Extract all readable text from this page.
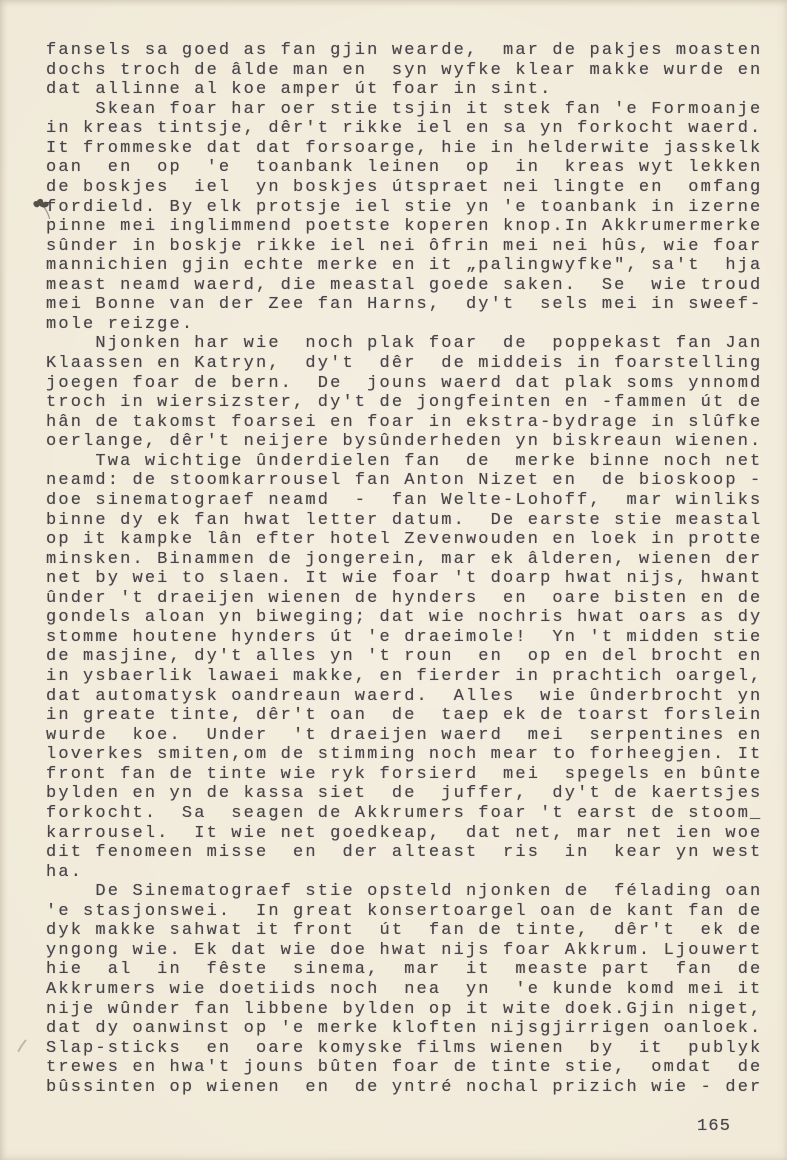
fansels sa goed as fan gjin wearde,  mar de pakjes moasten
dochs troch de âlde man en  syn wyfke klear makke wurde en
dat allinne al koe amper út foar in sint.
Skean foar har oer stie tsjin it stek fan 'e Formoanje
in kreas tintsje, dêr't rikke iel en sa yn forkocht waerd.
It frommeske dat dat forsoarge, hie in helderwite jasskelk
oan  en  op  'e  toanbank leinen  op  in  kreas wyt lekken
de boskjes  iel  yn boskjes útspraet nei lingte en  omfang
fordield. By elk protsje iel stie yn 'e toanbank in izerne
pinne mei inglimmend poetste koperen knop.In Akkrumermerke
sûnder in boskje rikke iel nei ôfrin mei nei hûs, wie foar
mannichien gjin echte merke en it „palingwyfke", sa't  hja
meast neamd waerd, die meastal goede saken.  Se  wie troud
mei Bonne van der Zee fan Harns,  dy't  sels mei in sweef-
mole reizge.
Njonken har wie  noch plak foar  de  poppekast fan Jan
Klaassen en Katryn,  dy't  dêr  de middeis in foarstelling
joegen foar de bern.  De  jouns waerd dat plak soms ynnomd
troch in wiersizster, dy't de jongfeinten en -fammen út de
hân de takomst foarsei en foar in ekstra-bydrage in slûfke
oerlange, dêr't neijere bysûnderheden yn biskreaun wienen.
Twa wichtige ûnderdielen fan  de  merke binne noch net
neamd: de stoomkarrousel fan Anton Nizet en  de bioskoop -
doe sinematograef neamd  -  fan Welte-Lohoff,  mar winliks
binne dy ek fan hwat letter datum.  De earste stie meastal
op it kampke lân efter hotel Zevenwouden en loek in protte
minsken. Binammen de jongerein, mar ek âlderen, wienen der
net by wei to slaen. It wie foar 't doarp hwat nijs, hwant
ûnder 't draeijen wienen de hynders  en  oare bisten en de
gondels aloan yn biweging; dat wie nochris hwat oars as dy
stomme houtene hynders út 'e draeimole!  Yn 't midden stie
de masjine, dy't alles yn 't roun  en  op en del brocht en
in ysbaerlik lawaei makke, en fierder in prachtich oargel,
dat automatysk oandreaun waerd.  Alles  wie ûnderbrocht yn
in greate tinte, dêr't oan  de  taep ek de toarst forslein
wurde  koe.  Under  't draeijen waerd  mei  serpentines en
loverkes smiten,om de stimming noch mear to forheegjen. It
front fan de tinte wie ryk forsierd  mei  spegels en bûnte
bylden en yn de kassa siet  de  juffer,  dy't de kaertsjes
forkocht.  Sa  seagen de Akkrumers foar 't earst de stoom_
karrousel.  It wie net goedkeap,  dat net, mar net ien woe
dit fenomeen misse  en  der alteast  ris  in  kear yn west
ha.
De Sinematograef stie opsteld njonken de  félading oan
'e stasjonswei.  In great konsertoargel oan de kant fan de
dyk makke sahwat it front  út  fan de tinte,  dêr't  ek de
yngong wie. Ek dat wie doe hwat nijs foar Akkrum. Ljouwert
hie  al  in  fêste  sinema,  mar  it  measte part  fan  de
Akkrumers wie doetiids noch  nea  yn  'e kunde komd mei it
nije wûnder fan libbene bylden op it wite doek.Gjin niget,
dat dy oanwinst op 'e merke kloften nijsgjirrigen oanloek.
Slap-sticks  en  oare komyske films wienen  by  it  publyk
trewes en hwa't jouns bûten foar de tinte stie,  omdat  de
bûssinten op wienen  en  de yntré nochal prizich wie - der
165
